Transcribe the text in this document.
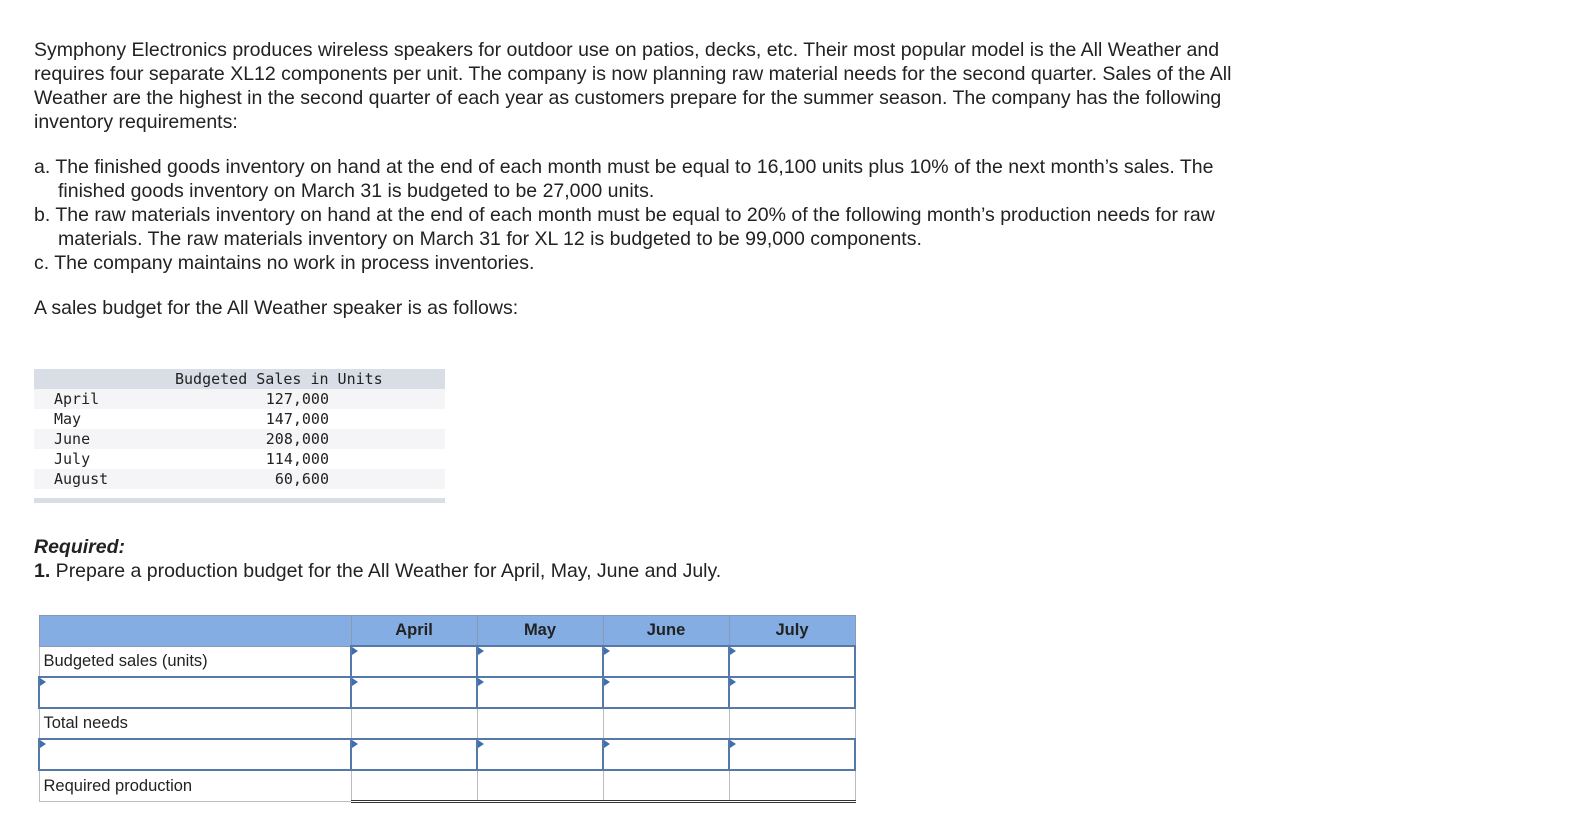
Symphony Electronics produces wireless speakers for outdoor use on patios, decks, etc. Their most popular model is the All Weather and requires four separate XL12 components per unit. The company is now planning raw material needs for the second quarter. Sales of the All Weather are the highest in the second quarter of each year as customers prepare for the summer season. The company has the following inventory requirements:

a. The finished goods inventory on hand at the end of each month must be equal to 16,100 units plus 10% of the next month’s sales. The finished goods inventory on March 31 is budgeted to be 27,000 units.
b. The raw materials inventory on hand at the end of each month must be equal to 20% of the following month’s production needs for raw materials. The raw materials inventory on March 31 for XL 12 is budgeted to be 99,000 components.
c. The company maintains no work in process inventories.

A sales budget for the All Weather speaker is as follows:

Budgeted Sales in Units
April	127,000
May	147,000
June	208,000
July	114,000
August	60,600

Required:
1. Prepare a production budget for the All Weather for April, May, June and July.

	April	May	June	July
Budgeted sales (units)				

Total needs				

Required production				
